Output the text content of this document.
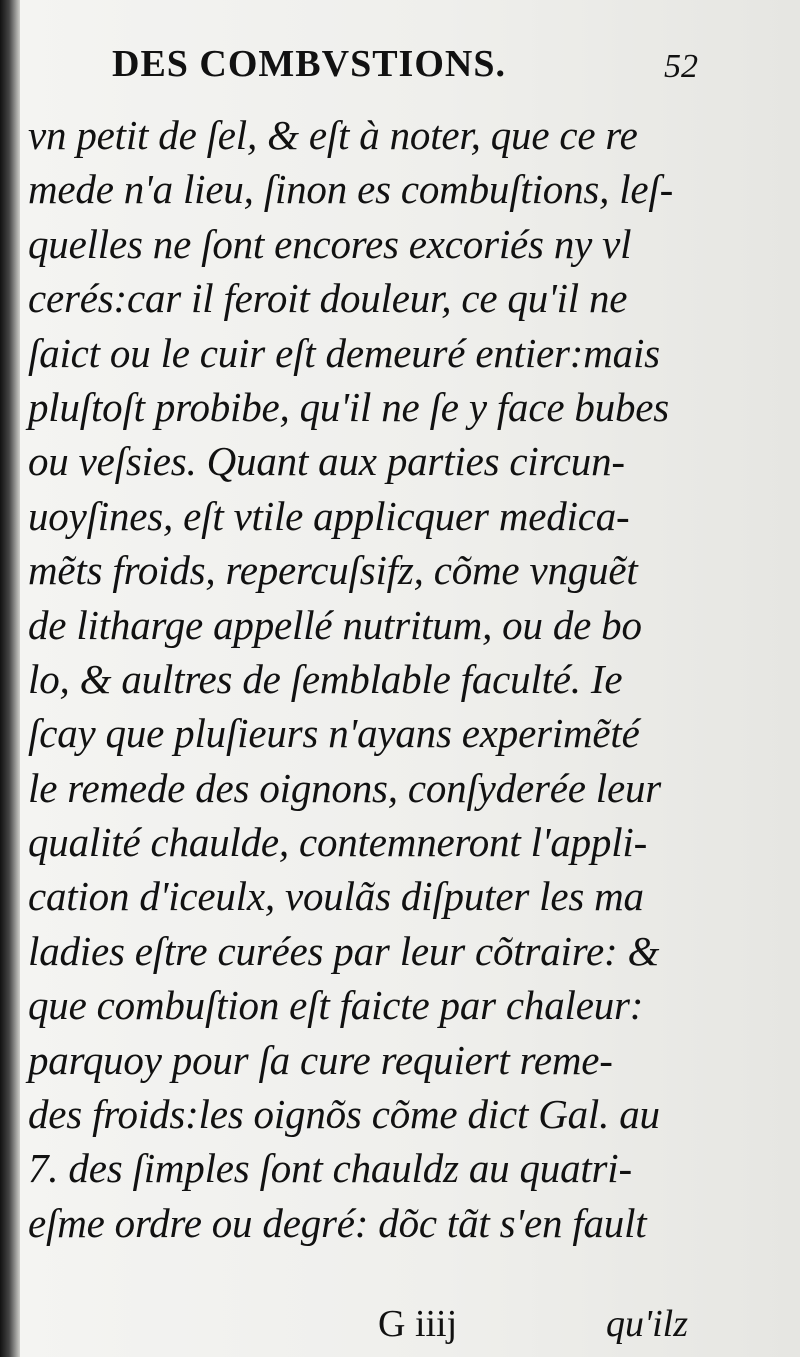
DES COMBVSTIONS.	52
vn petit de ſel, & eſt à noter, que ce re
mede n'a lieu, ſinon es combuſtions, leſ-
quelles ne ſont encores excoriés ny vl
cerés:car il feroit douleur, ce qu'il ne
ſaict ou le cuir eſt demeuré entier:mais
pluſtoſt probibe, qu'il ne ſe y face bubes
ou veſsies. Quant aux parties circun-
uoyſines, eſt vtile applicquer medica-
mẽts froids, repercuſsifz, cõme vnguẽt
de litharge appellé nutritum, ou de bo
lo, & aultres de ſemblable faculté. Ie
ſcay que pluſieurs n'ayans experimẽté
le remede des oignons, conſyderée leur
qualité chaulde, contemneront l'appli-
cation d'iceulx, voulãs diſputer les ma
ladies eſtre curées par leur cõtraire: &
que combuſtion eſt faicte par chaleur:
parquoy pour ſa cure requiert reme-
des froids:les oignõs cõme dict Gal. au
7. des ſimples ſont chauldz au quatri-
eſme ordre ou degré: dõc tãt s'en fault
G iiij	qu'ilz
